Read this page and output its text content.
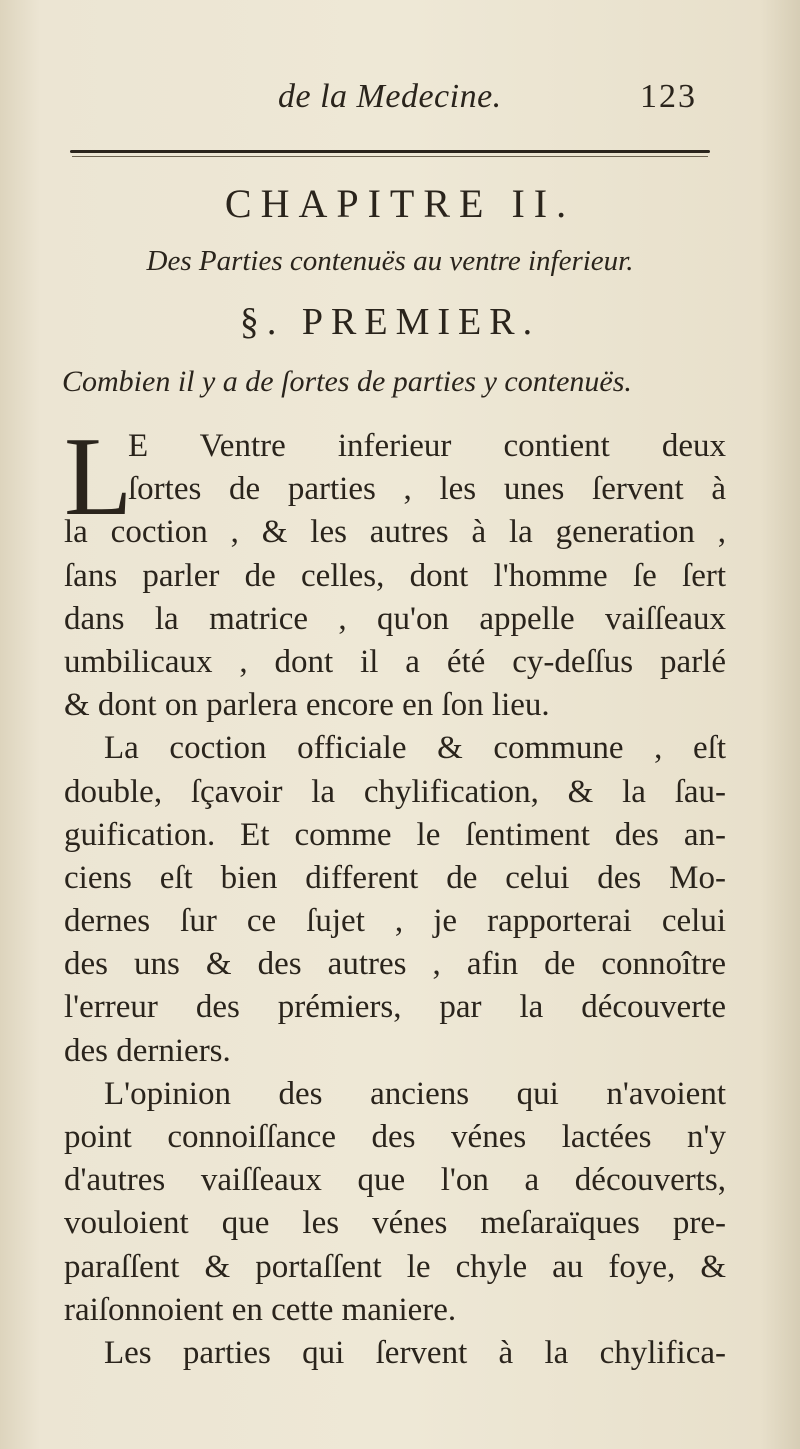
de la Medecine.	123
CHAPITRE II.
Des Parties contenuës au ventre inferieur.
§. PREMIER.
Combien il y a de ſortes de parties y contenuës.
L
E Ventre inferieur contient deux
ſortes de parties , les unes ſervent à
la coction , & les autres à la generation ,
ſans parler de celles, dont l'homme ſe ſert
dans la matrice , qu'on appelle vaiſſeaux
umbilicaux , dont il a été cy-deſſus parlé
& dont on parlera encore en ſon lieu.
La coction officiale & commune , eſt
double, ſçavoir la chylification, & la ſau-
guification. Et comme le ſentiment des an-
ciens eſt bien different de celui des Mo-
dernes ſur ce ſujet , je rapporterai celui
des uns & des autres , afin de connoître
l'erreur des prémiers, par la découverte
des derniers.
L'opinion des anciens qui n'avoient
point connoiſſance des vénes lactées n'y
d'autres vaiſſeaux que l'on a découverts,
vouloient que les vénes meſaraïques pre-
paraſſent & portaſſent le chyle au foye, &
raiſonnoient en cette maniere.
Les parties qui ſervent à la chylifica-
